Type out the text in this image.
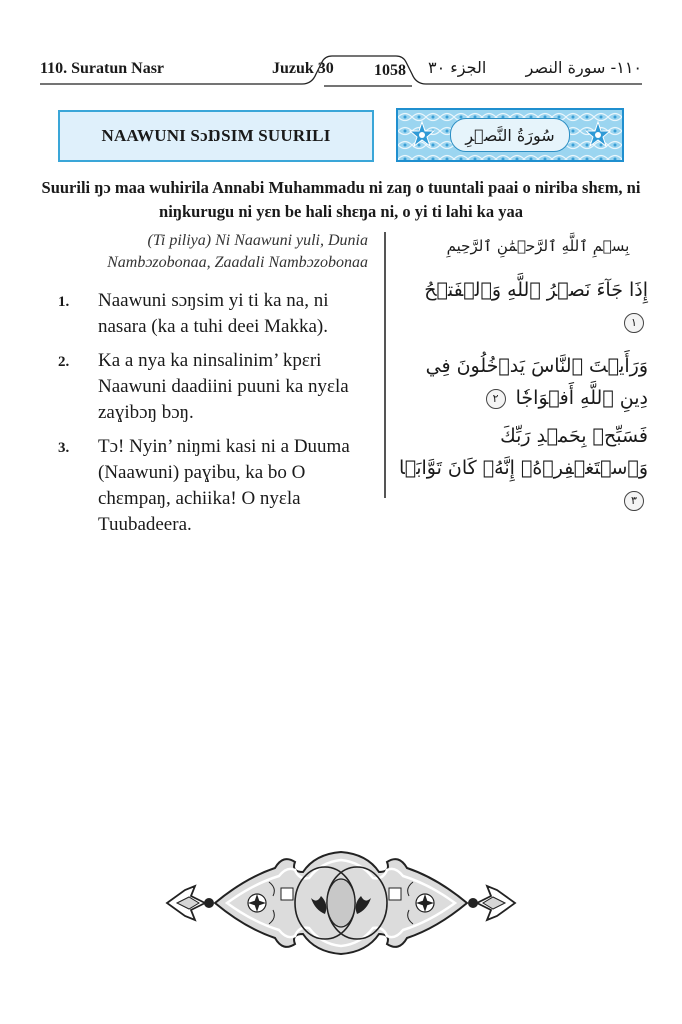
110. Suratun Nasr	Juzuk 30	1058	الجزء ٣٠ ١١٠- سورة النصر
NAAWUNI SɔŊSIM SUURILI	سُورَةُ النَّصۡرِ
Suurili ŋɔ maa wuhirila Annabi Muhammadu ni zaŋ o tuuntali paai o niriba shɛm, ni niŋkurugu ni yɛn be hali shɛŋa ni, o yi ti lahi ka yaa
(Ti piliya) Ni Naawuni yuli, Dunia
Nambɔzobonaa, Zaadali Nambɔzobonaa
1.	Naawuni sɔŋsim yi ti ka na, ni nasara (ka a tuhi deei Makka).
2.	Ka a nya ka ninsalinim’ kpɛri Naawuni daadiini puuni ka nyɛla zaɣibɔŋ bɔŋ.
3.	Tɔ! Nyin’ niŋmi kasi ni a Duuma (Naawuni) paɣibu, ka bo O chɛmpaŋ, achiika! O nyɛla Tuubadeera.
بِسۡمِ ٱللَّهِ ٱلرَّحۡمَٰنِ ٱلرَّحِيمِ
إِذَا جَآءَ نَصۡرُ ٱللَّهِ وَٱلۡفَتۡحُ ١
وَرَأَيۡتَ ٱلنَّاسَ يَدۡخُلُونَ فِي دِينِ ٱللَّهِ أَفۡوَاجٗا ٢
فَسَبِّحۡ بِحَمۡدِ رَبِّكَ وَٱسۡتَغۡفِرۡهُۚ إِنَّهُۥ كَانَ تَوَّابَۢا ٣
